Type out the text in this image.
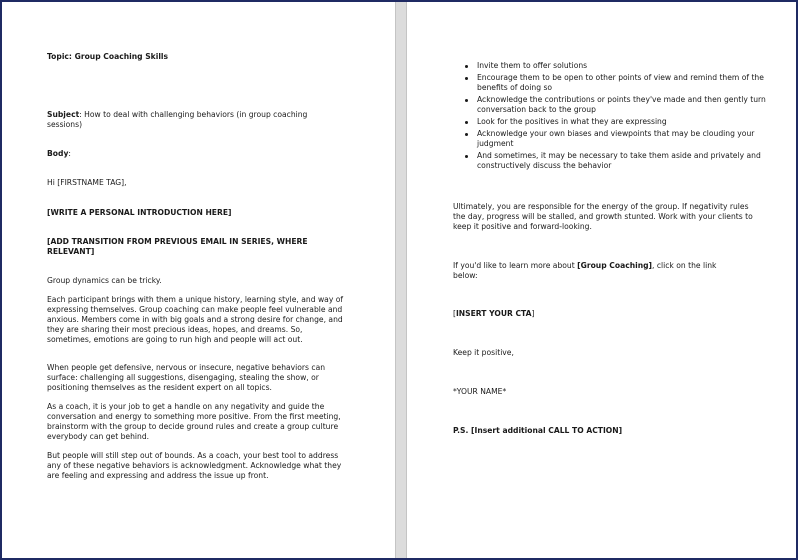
Topic: Group Coaching Skills

Subject: How to deal with challenging behaviors (in group coaching sessions)

Body:

Hi [FIRSTNAME TAG],

[WRITE A PERSONAL INTRODUCTION HERE]

[ADD TRANSITION FROM PREVIOUS EMAIL IN SERIES, WHERE RELEVANT]

Group dynamics can be tricky.

Each participant brings with them a unique history, learning style, and way of expressing themselves. Group coaching can make people feel vulnerable and anxious. Members come in with big goals and a strong desire for change, and they are sharing their most precious ideas, hopes, and dreams. So, sometimes, emotions are going to run high and people will act out.

When people get defensive, nervous or insecure, negative behaviors can surface: challenging all suggestions, disengaging, stealing the show, or positioning themselves as the resident expert on all topics.

As a coach, it is your job to get a handle on any negativity and guide the conversation and energy to something more positive. From the first meeting, brainstorm with the group to decide ground rules and create a group culture everybody can get behind.

But people will still step out of bounds. As a coach, your best tool to address any of these negative behaviors is acknowledgment. Acknowledge what they are feeling and expressing and address the issue up front.

Invite them to offer solutions
Encourage them to be open to other points of view and remind them of the benefits of doing so
Acknowledge the contributions or points they've made and then gently turn conversation back to the group
Look for the positives in what they are expressing
Acknowledge your own biases and viewpoints that may be clouding your judgment
And sometimes, it may be necessary to take them aside and privately and constructively discuss the behavior

Ultimately, you are responsible for the energy of the group. If negativity rules the day, progress will be stalled, and growth stunted. Work with your clients to keep it positive and forward-looking.

If you'd like to learn more about [Group Coaching], click on the link below:

[INSERT YOUR CTA]

Keep it positive,

*YOUR NAME*

P.S. [Insert additional CALL TO ACTION]
